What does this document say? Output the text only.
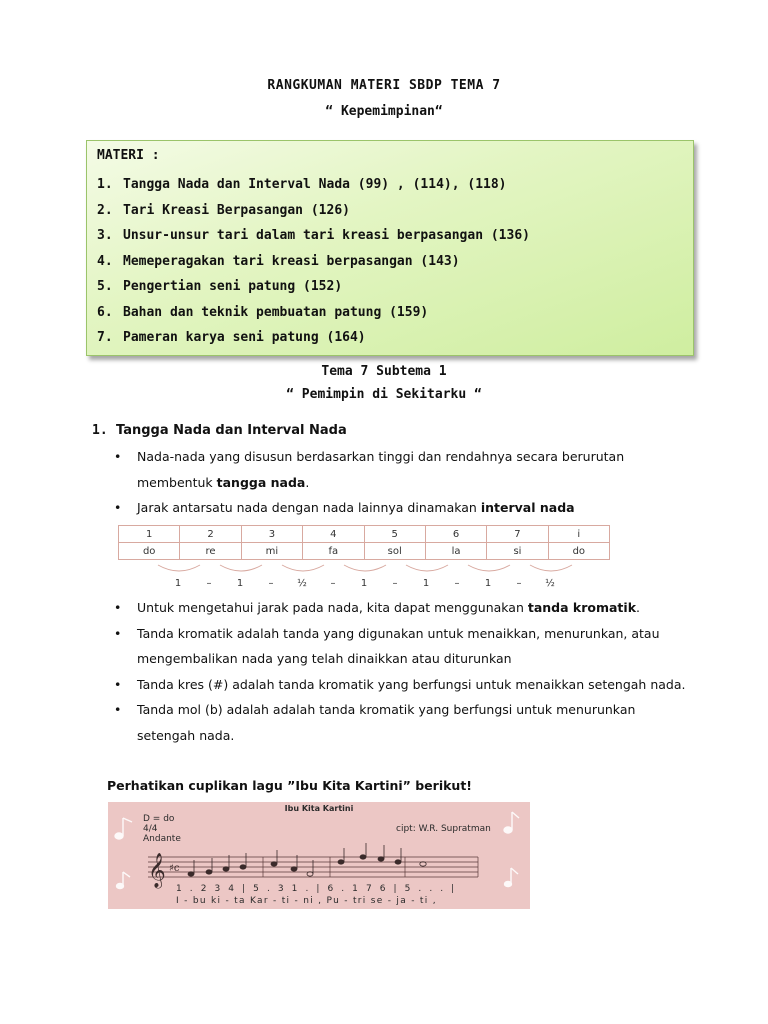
RANGKUMAN MATERI SBDP TEMA 7
“ Kepemimpinan“
MATERI :
1. Tangga Nada dan Interval Nada (99) , (114), (118)
2. Tari Kreasi Berpasangan (126)
3. Unsur-unsur tari dalam tari kreasi berpasangan (136)
4. Memeperagakan tari kreasi berpasangan (143)
5. Pengertian seni patung (152)
6. Bahan dan teknik pembuatan patung (159)
7. Pameran karya seni patung (164)
Tema 7 Subtema 1
“ Pemimpin di Sekitarku “
1. Tangga Nada dan Interval Nada
• Nada-nada yang disusun berdasarkan tinggi dan rendahnya secara berurutan membentuk tangga nada.
• Jarak antarsatu nada dengan nada lainnya dinamakan interval nada
1	2	3	4	5	6	7	i̇
do	re	mi	fa	sol	la	si	do
1	–	1	– ½ –	1	–	1	–	1	– ½
• Untuk mengetahui jarak pada nada, kita dapat menggunakan tanda kromatik.
• Tanda kromatik adalah tanda yang digunakan untuk menaikkan, menurunkan, atau mengembalikan nada yang telah dinaikkan atau diturunkan
• Tanda kres (#) adalah tanda kromatik yang berfungsi untuk menaikkan setengah nada.
• Tanda mol (b) adalah adalah tanda kromatik yang berfungsi untuk menurunkan setengah nada.
Perhatikan cuplikan lagu ”Ibu Kita Kartini” berikut!
Ibu Kita Kartini
D = do
4/4
Andante
cipt: W.R. Supratman
𝄞 ♯c
1 . 2 3 4 | 5 . 3 1 . | 6 . 1 7 6 | 5 . . . |
I - bu ki - ta Kar - ti - ni , Pu - tri se - ja - ti ,
